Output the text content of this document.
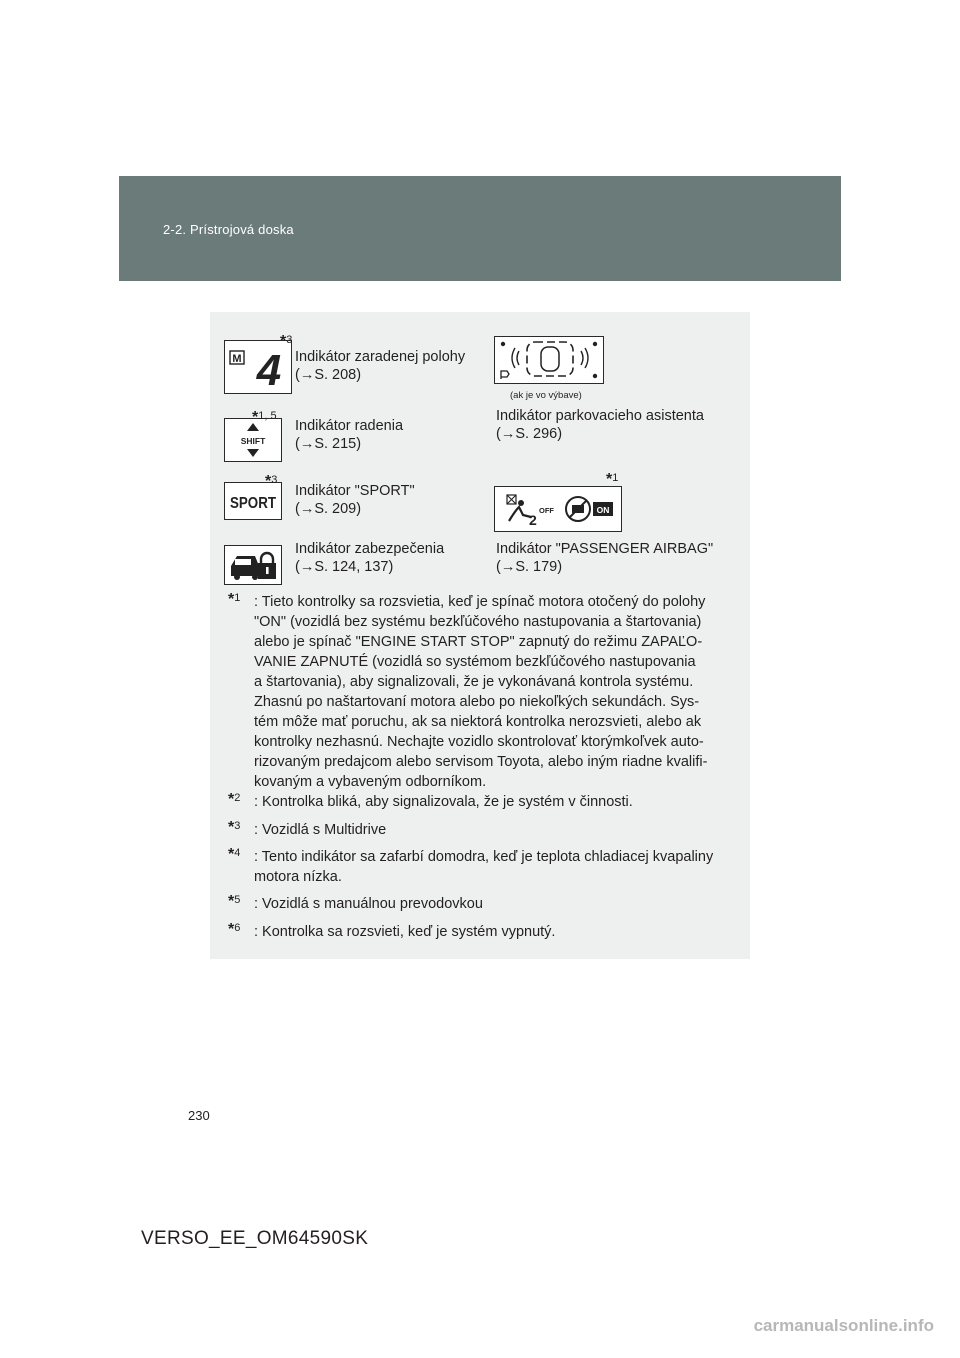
2-2. Prístrojová doska
M 4
*3
Indikátor zaradenej polohy
(→S. 208)
(ak je vo výbave)
SHIFT
*1, 5
Indikátor radenia
(→S. 215)
Indikátor parkovacieho asistenta
(→S. 296)
SPORT
*3
Indikátor "SPORT"
(→S. 209)
2
OFF	ON
*1
Indikátor zabezpečenia
(→S. 124, 137)
Indikátor "PASSENGER AIRBAG"
(→S. 179)
*1 : Tieto kontrolky sa rozsvietia, keď je spínač motora otočený do polohy
"ON" (vozidlá bez systému bezkľúčového nastupovania a štartovania)
alebo je spínač "ENGINE START STOP" zapnutý do režimu ZAPAĽO-
VANIE ZAPNUTÉ (vozidlá so systémom bezkľúčového nastupovania
a štartovania), aby signalizovali, že je vykonávaná kontrola systému.
Zhasnú po naštartovaní motora alebo po niekoľkých sekundách. Sys-
tém môže mať poruchu, ak sa niektorá kontrolka nerozsvieti, alebo ak
kontrolky nezhasnú. Nechajte vozidlo skontrolovať ktorýmkoľvek auto-
rizovaným predajcom alebo servisom Toyota, alebo iným riadne kvalifi-
kovaným a vybaveným odborníkom.
*2 : Kontrolka bliká, aby signalizovala, že je systém v činnosti.
*3 : Vozidlá s Multidrive
*4 : Tento indikátor sa zafarbí domodra, keď je teplota chladiacej kvapaliny
motora nízka.
*5 : Vozidlá s manuálnou prevodovkou
*6 : Kontrolka sa rozsvieti, keď je systém vypnutý.
230
VERSO_EE_OM64590SK
carmanualsonline.info
